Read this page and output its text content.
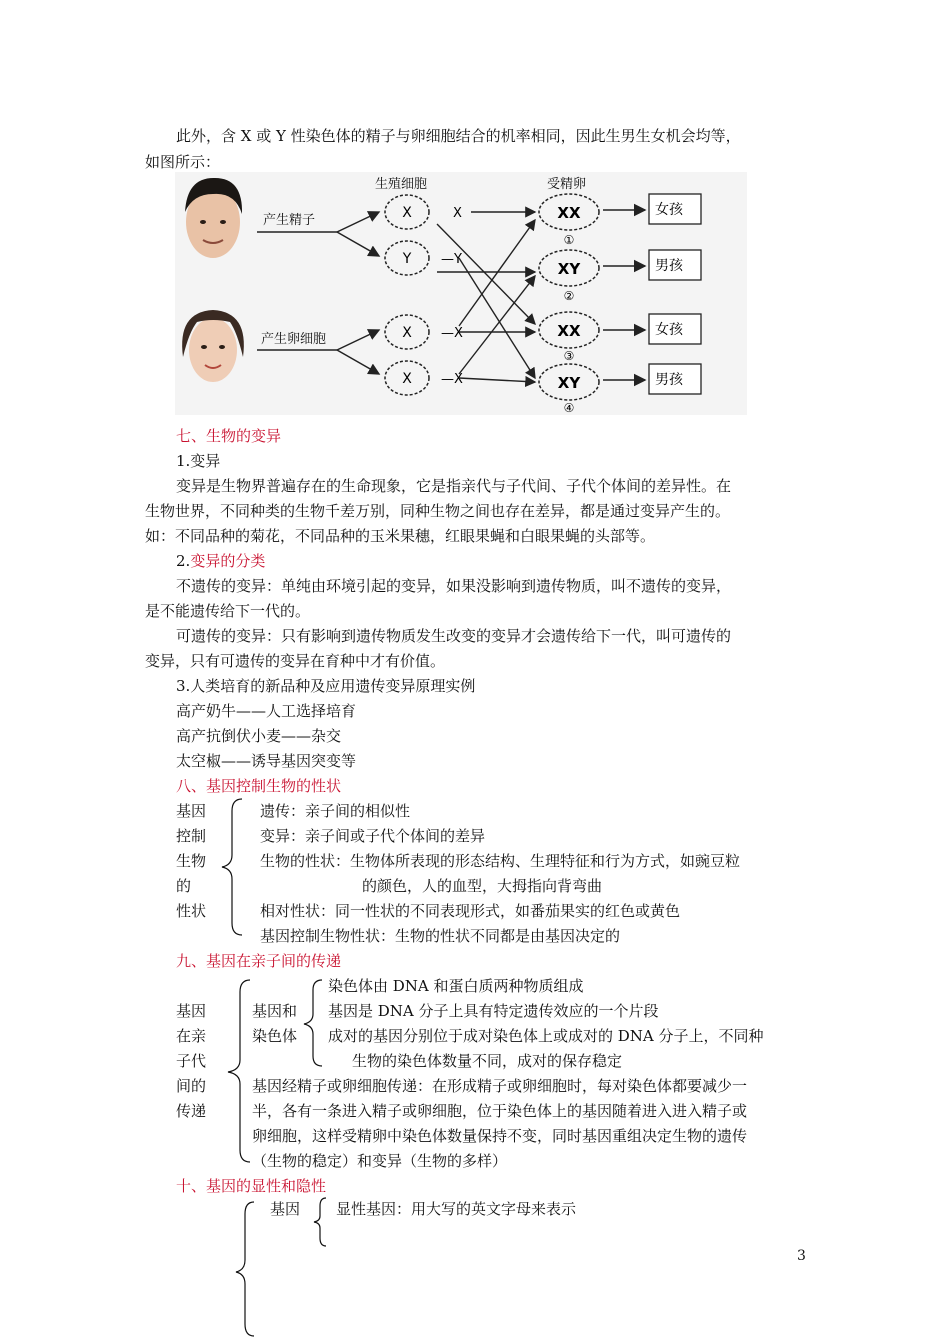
此外，含 X 或 Y 性染色体的精子与卵细胞结合的机率相同，因此生男生女机会均等，
如图所示：
生殖细胞	受精卵
产生精子
产生卵细胞
X
Y
X
X
X
—Y
—X
—X
XX
XY
XX
XY
①
②
③
④
女孩
男孩
女孩
男孩
七、生物的变异
1.变异
变异是生物界普遍存在的生命现象，它是指亲代与子代间、子代个体间的差异性。在
生物世界，不同种类的生物千差万别，同种生物之间也存在差异，都是通过变异产生的。
如：不同品种的菊花，不同品种的玉米果穗，红眼果蝇和白眼果蝇的头部等。
2.变异的分类
不遗传的变异：单纯由环境引起的变异，如果没影响到遗传物质，叫不遗传的变异，
是不能遗传给下一代的。
可遗传的变异：只有影响到遗传物质发生改变的变异才会遗传给下一代，叫可遗传的
变异，只有可遗传的变异在育种中才有价值。
3.人类培育的新品种及应用遗传变异原理实例
高产奶牛——人工选择培育
高产抗倒伏小麦——杂交
太空椒——诱导基因突变等
八、基因控制生物的性状
基因
控制
生物
的
性状
遗传：亲子间的相似性
变异：亲子间或子代个体间的差异
生物的性状：生物体所表现的形态结构、生理特征和行为方式，如豌豆粒
的颜色，人的血型，大拇指向背弯曲
相对性状：同一性状的不同表现形式，如番茄果实的红色或黄色
基因控制生物性状：生物的性状不同都是由基因决定的
九、基因在亲子间的传递
基因
在亲
子代
间的
传递
基因和
染色体
染色体由 DNA 和蛋白质两种物质组成
基因是 DNA 分子上具有特定遗传效应的一个片段
成对的基因分别位于成对染色体上或成对的 DNA 分子上，不同种
生物的染色体数量不同，成对的保存稳定
基因经精子或卵细胞传递：在形成精子或卵细胞时，每对染色体都要减少一
半，各有一条进入精子或卵细胞，位于染色体上的基因随着进入进入精子或
卵细胞，这样受精卵中染色体数量保持不变，同时基因重组决定生物的遗传
（生物的稳定）和变异（生物的多样）
十、基因的显性和隐性
基因 显性基因：用大写的英文字母来表示
3
